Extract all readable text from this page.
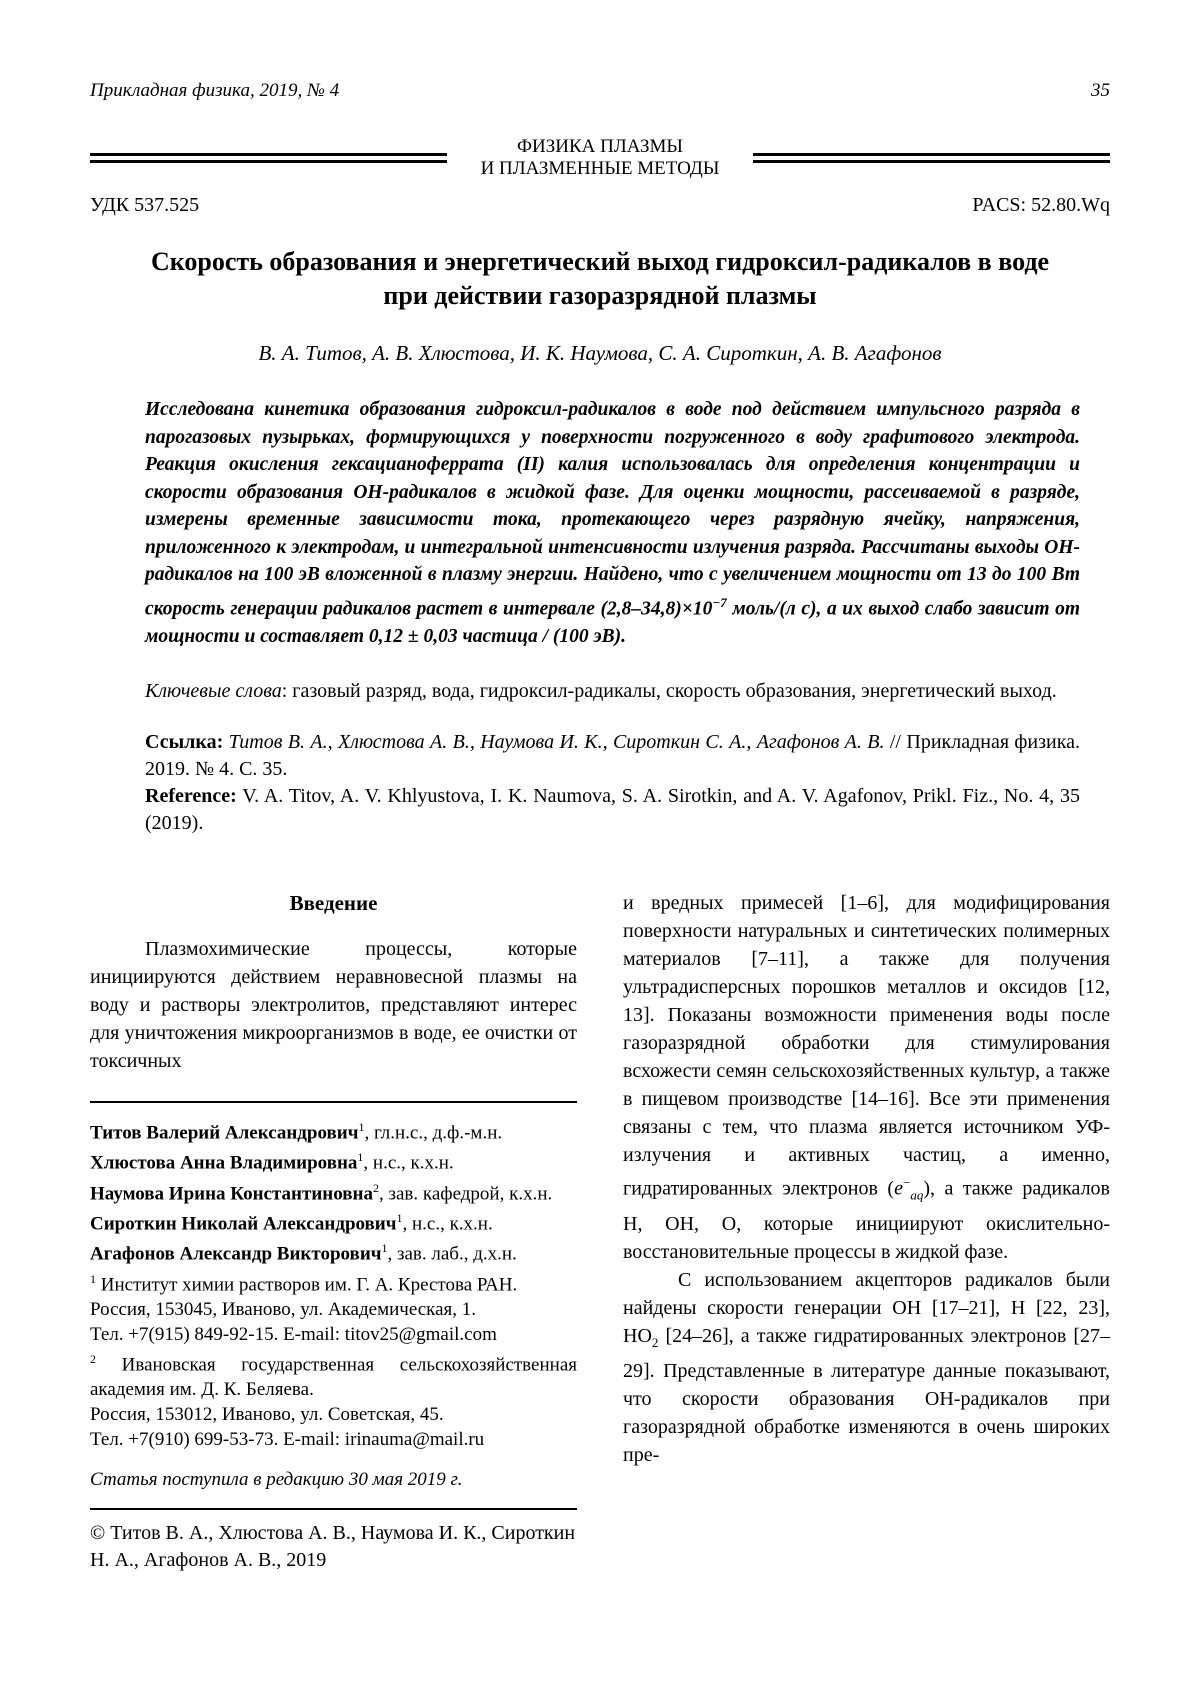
Прикладная физика, 2019, № 4	35
ФИЗИКА ПЛАЗМЫ
И ПЛАЗМЕННЫЕ МЕТОДЫ
УДК 537.525	PACS: 52.80.Wq
Скорость образования и энергетический выход гидроксил-радикалов в воде
при действии газоразрядной плазмы
В. А. Титов, А. В. Хлюстова, И. К. Наумова, С. А. Сироткин, А. В. Агафонов

Исследована кинетика образования гидроксил-радикалов в воде под действием импульсного разряда в парогазовых пузырьках, формирующихся у поверхности погруженного в воду графитового электрода. Реакция окисления гексацианоферрата (II) калия использовалась для определения концентрации и скорости образования ОН-радикалов в жидкой фазе. Для оценки мощности, рассеиваемой в разряде, измерены временные зависимости тока, протекающего через разрядную ячейку, напряжения, приложенного к электродам, и интегральной интенсивности излучения разряда. Рассчитаны выходы ОН-радикалов на 100 эВ вложенной в плазму энергии. Найдено, что с увеличением мощности от 13 до 100 Вт скорость генерации радикалов растет в интервале $(2,8-34,8)\times 10^{-7}$ моль/(л с), а их выход слабо зависит от мощности и составляет 0,12 ± 0,03 частица / (100 эВ).

Ключевые слова: газовый разряд, вода, гидроксил-радикалы, скорость образования, энергетический выход.

Ссылка: Титов В. А., Хлюстова А. В., Наумова И. К., Сироткин С. А., Агафонов А. В. // Прикладная физика. 2019. № 4. С. 35.
Reference: V. A. Titov, A. V. Khlyustova, I. K. Naumova, S. A. Sirotkin, and A. V. Agafonov, Prikl. Fiz., No. 4, 35 (2019).
Введение

Плазмохимические процессы, которые инициируются действием неравновесной плазмы на воду и растворы электролитов, представляют интерес для уничтожения микроорганизмов в воде, ее очистки от токсичных

Титов Валерий Александрович$^1$, гл.н.с., д.ф.-м.н.
Хлюстова Анна Владимировна$^1$, н.с., к.х.н.
Наумова Ирина Константиновна$^2$, зав. кафедрой, к.х.н.
Сироткин Николай Александрович$^1$, н.с., к.х.н.
Агафонов Александр Викторович$^1$, зав. лаб., д.х.н.
$^1$ Институт химии растворов им. Г. А. Крестова РАН.
Россия, 153045, Иваново, ул. Академическая, 1.
Тел. +7(915) 849-92-15. E-mail: titov25@gmail.com
$^2$ Ивановская государственная сельскохозяйственная академия им. Д. К. Беляева.
Россия, 153012, Иваново, ул. Советская, 45.
Тел. +7(910) 699-53-73. E-mail: irinauma@mail.ru
Статья поступила в редакцию 30 мая 2019 г.
© Титов В. А., Хлюстова А. В., Наумова И. К., Сироткин Н. А., Агафонов А. В., 2019

и вредных примесей [1–6], для модифицирования поверхности натуральных и синтетических полимерных материалов [7–11], а также для получения ультрадисперсных порошков металлов и оксидов [12, 13]. Показаны возможности применения воды после газоразрядной обработки для стимулирования всхожести семян сельскохозяйственных культур, а также в пищевом производстве [14–16]. Все эти применения связаны с тем, что плазма является источником УФ-излучения и активных частиц, а именно, гидратированных электронов $(e^-_{aq})$, а также радикалов Н, ОН, О, которые инициируют окислительно-восстановительные процессы в жидкой фазе.

С использованием акцепторов радикалов были найдены скорости генерации ОН [17–21], Н [22, 23], $НО_2$ [24–26], а также гидратированных электронов [27–29]. Представленные в литературе данные показывают, что скорости образования ОН-радикалов при газоразрядной обработке изменяются в очень широких пре-
